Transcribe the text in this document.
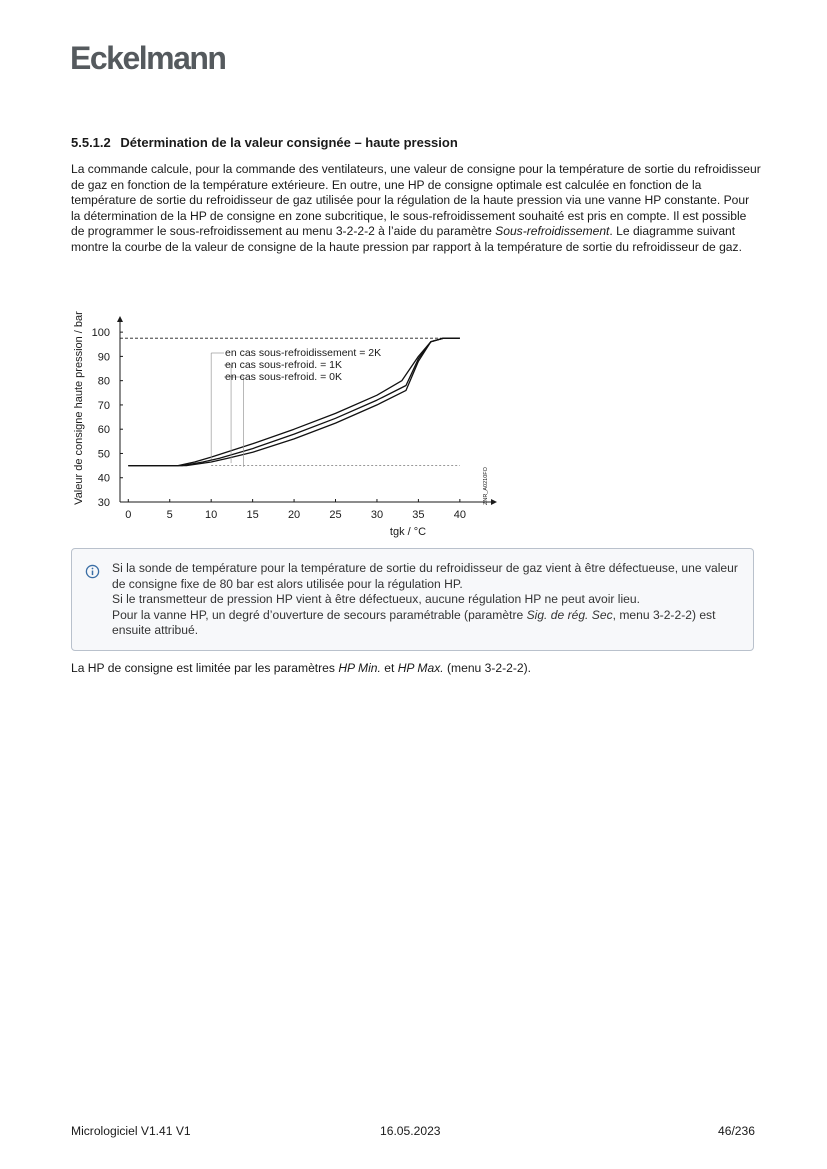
Eckelmann
5.5.1.2 Détermination de la valeur consignée – haute pression

La commande calcule, pour la commande des ventilateurs, une valeur de consigne pour la température de sortie du refroidisseur de gaz en fonction de la température extérieure. En outre, une HP de consigne optimale est calculée en fonction de la température de sortie du refroidisseur de gaz utilisée pour la régulation de la haute pression via une vanne HP constante. Pour la détermination de la HP de consigne en zone subcritique, le sous-refroidissement souhaité est pris en compte. Il est possible de programmer le sous-refroidissement au menu 3-2-2-2 à l’aide du paramètre Sous-refroidissement. Le diagramme suivant montre la courbe de la valeur de consigne de la haute pression par rapport à la température de sortie du refroidisseur de gaz.

Valeur de consigne haute pression / bar
tgk / °C
ZNR_A0210FO
0	5	10	15	20	25	30	35	40
30
40
50
60
70
80
90
100
en cas sous-refroidissement = 2K
en cas sous-refroid. = 1K
en cas sous-refroid. = 0K

Si la sonde de température pour la température de sortie du refroidisseur de gaz vient à être défectueuse, une valeur de consigne fixe de 80 bar est alors utilisée pour la régulation HP.

Si le transmetteur de pression HP vient à être défectueux, aucune régulation HP ne peut avoir lieu.

Pour la vanne HP, un degré d’ouverture de secours paramétrable (paramètre Sig. de rég. Sec, menu 3-2-2-2) est ensuite attribué.

La HP de consigne est limitée par les paramètres HP Min. et HP Max. (menu 3-2-2-2).

Micrologiciel V1.41 V1	16.05.2023	46/236
